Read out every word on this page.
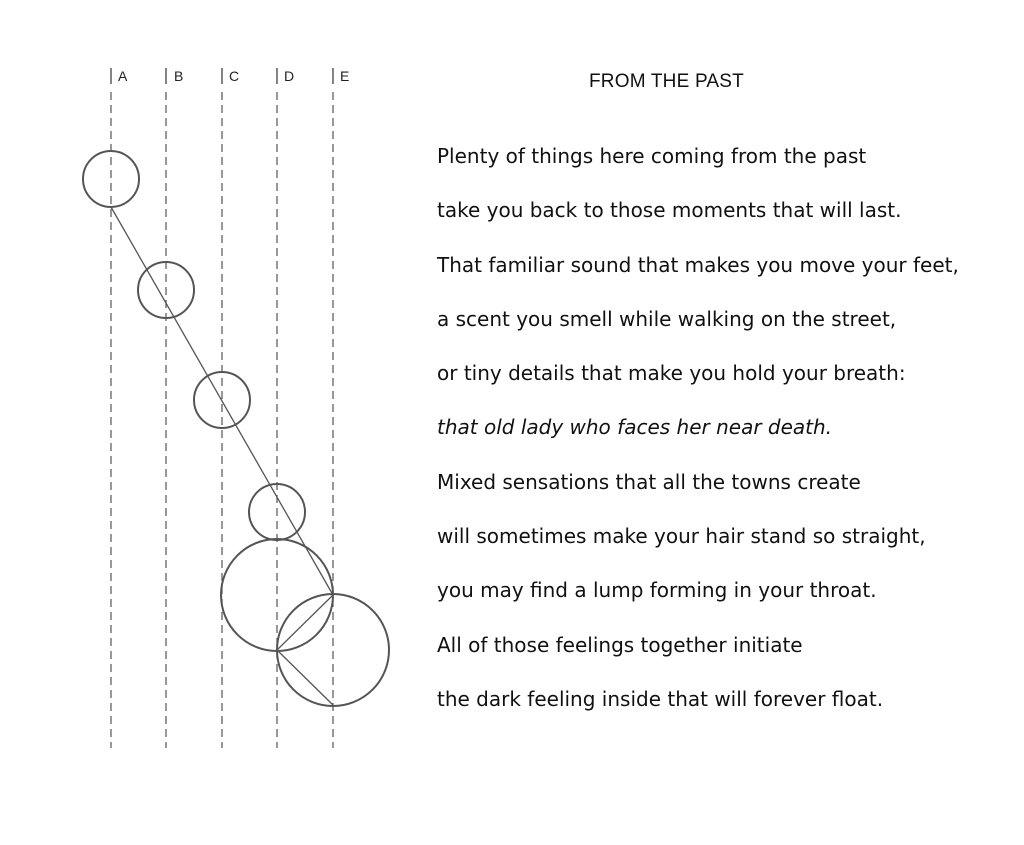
A	B	C	D	E	FROM THE PAST
Plenty of things here coming from the past
take you back to those moments that will last.
That familiar sound that makes you move your feet,
a scent you smell while walking on the street,
or tiny details that make you hold your breath:
that old lady who faces her near death.
Mixed sensations that all the towns create
will sometimes make your hair stand so straight,
you may find a lump forming in your throat.
All of those feelings together initiate
the dark feeling inside that will forever float.
